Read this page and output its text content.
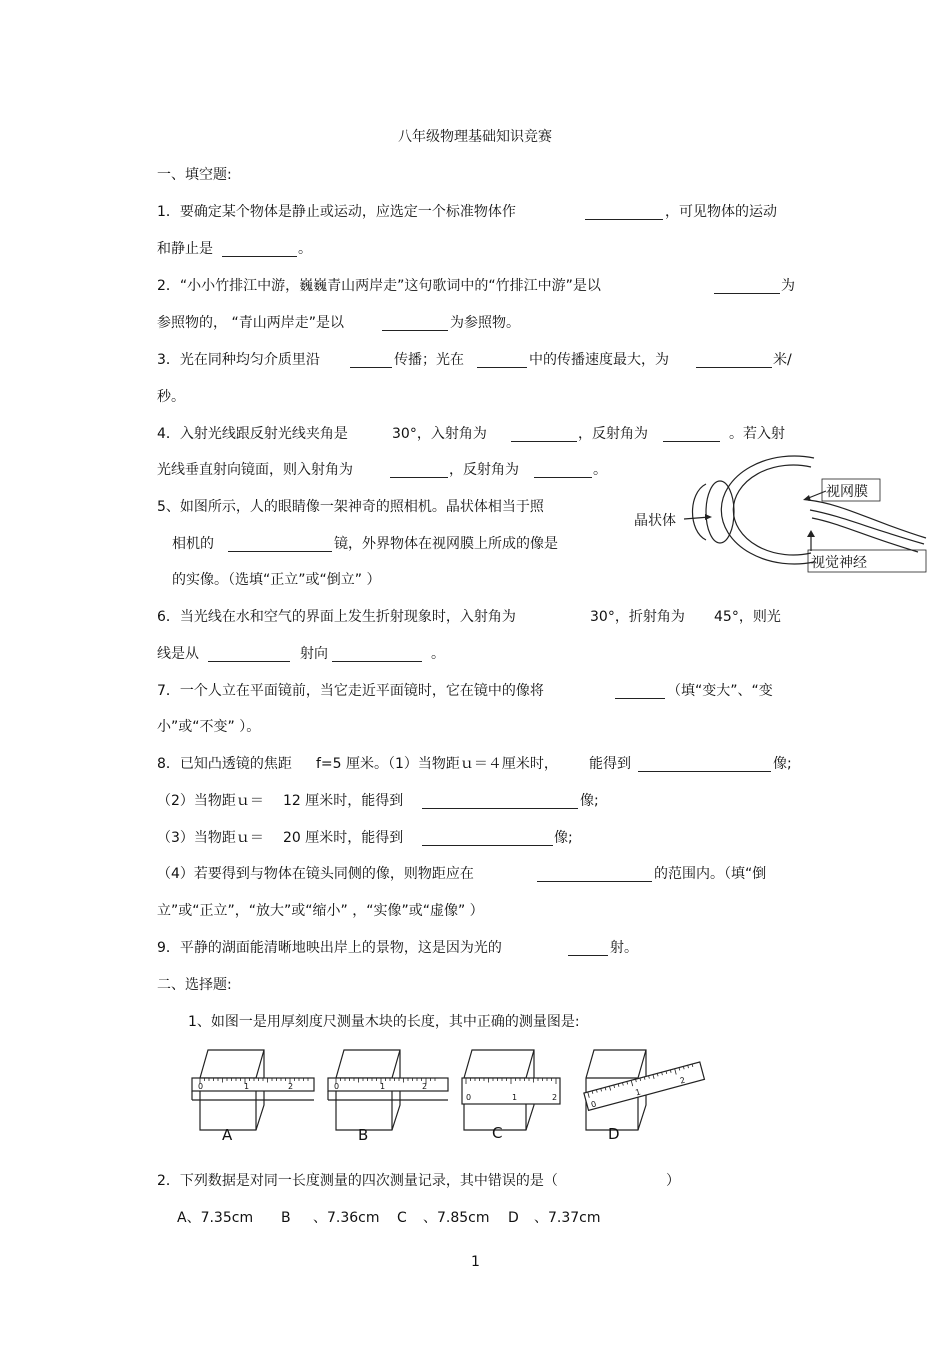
八年级物理基础知识竞赛
一、填空题:
1．要确定某个物体是静止或运动，应选定一个标准物体作	，可见物体的运动
和静止是	。
2．“小小竹排江中游，巍巍青山两岸走”这句歌词中的“竹排江中游”是以	为
参照物的， “青山两岸走”是以	为参照物。
3．光在同种均匀介质里沿	传播；光在	中的传播速度最大，为	米/
秒。
4．入射光线跟反射光线夹角是	30°，入射角为	，反射角为	。若入射
光线垂直射向镜面，则入射角为	，反射角为	。
5、如图所示，人的眼睛像一架神奇的照相机。晶状体相当于照
相机的	镜，外界物体在视网膜上所成的像是
的实像。（选填“正立”或“倒立” ）
晶状体
视网膜
视觉神经
6．当光线在水和空气的界面上发生折射现象时，入射角为	30°，折射角为 45°，则光
线是从	射向	。
7．一个人立在平面镜前，当它走近平面镜时，它在镜中的像将	（填“变大”、“变
小”或“不变” ）。
8．已知凸透镜的焦距 f=5 厘米。（1）当物距ｕ＝４厘米时， 能得到	像;
（2）当物距ｕ＝ 12 厘米时，能得到	像;
（3）当物距ｕ＝ 20 厘米时，能得到	像;
（4）若要得到与物体在镜头同侧的像，则物距应在	的范围内。（填“倒
立”或“正立”，“放大”或“缩小” ，“实像”或“虚像” ）
9．平静的湖面能清晰地映出岸上的景物，这是因为光的	射。
二、选择题:
1、如图一是用厚刻度尺测量木块的长度，其中正确的测量图是:
0	1	2	0	1	2
0	1	2
0
1
2
A	B	C	D
2．下列数据是对同一长度测量的四次测量记录，其中错误的是（	）
A、7.35cm B 、7.36cm C 、7.85cm D 、7.37cm
1
